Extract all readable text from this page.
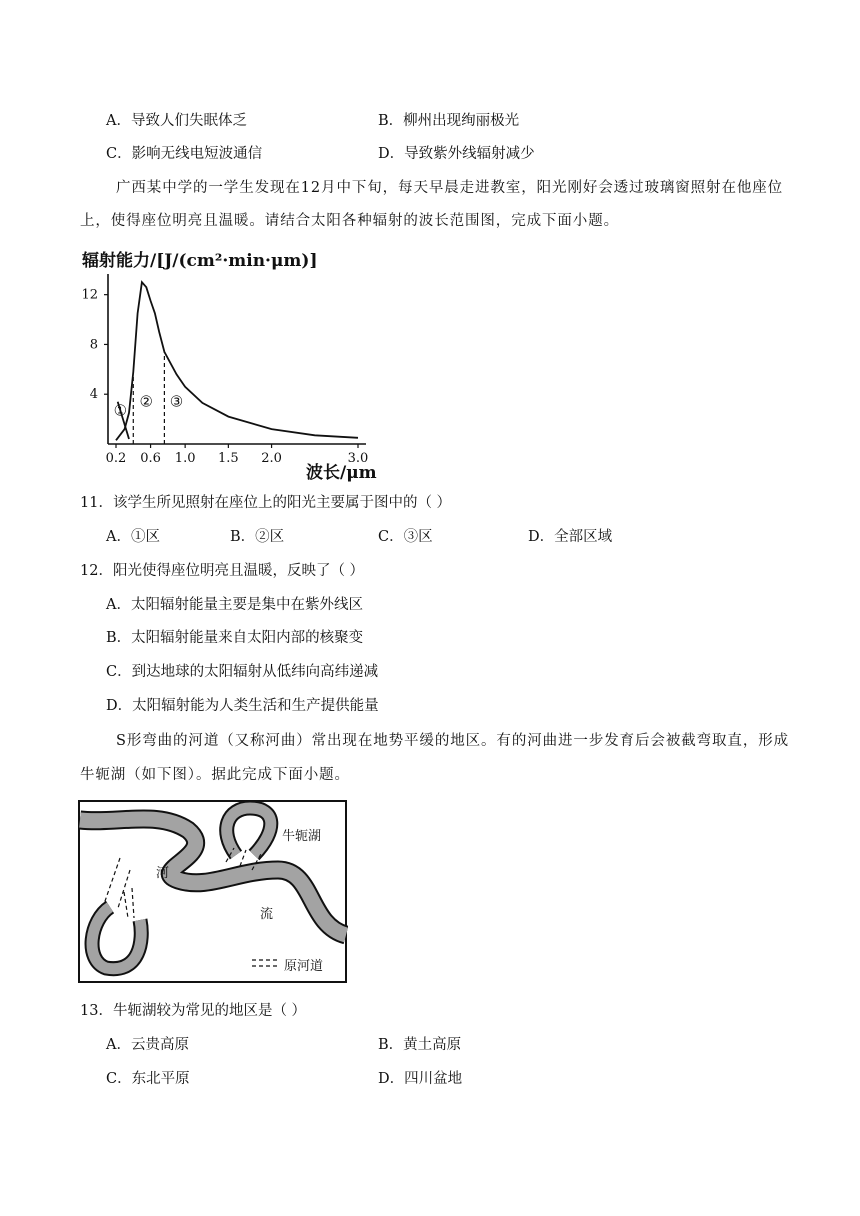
A．导致人们失眠体乏	B．柳州出现绚丽极光
C．影响无线电短波通信	D．导致紫外线辐射减少
广西某中学的一学生发现在12月中下旬，每天早晨走进教室，阳光刚好会透过玻璃窗照射在他座位
上，使得座位明亮且温暖。请结合太阳各种辐射的波长范围图，完成下面小题。
辐射能力/[J/(cm²·min·μm)]
4
8
12
0.2 0.6 1.0 1.5 2.0	3.0
① ② ③
波长/μm
11．该学生所见照射在座位上的阳光主要属于图中的（ ）
A．①区	B．②区	C．③区	D．全部区域
12．阳光使得座位明亮且温暖，反映了（ ）
A．太阳辐射能量主要是集中在紫外线区
B．太阳辐射能量来自太阳内部的核聚变
C．到达地球的太阳辐射从低纬向高纬递减
D．太阳辐射能为人类生活和生产提供能量
S形弯曲的河道（又称河曲）常出现在地势平缓的地区。有的河曲进一步发育后会被截弯取直，形成
牛轭湖（如下图）。据此完成下面小题。
河
流
牛轭湖
原河道
13．牛轭湖较为常见的地区是（ ）
A．云贵高原	B．黄土高原
C．东北平原	D．四川盆地
